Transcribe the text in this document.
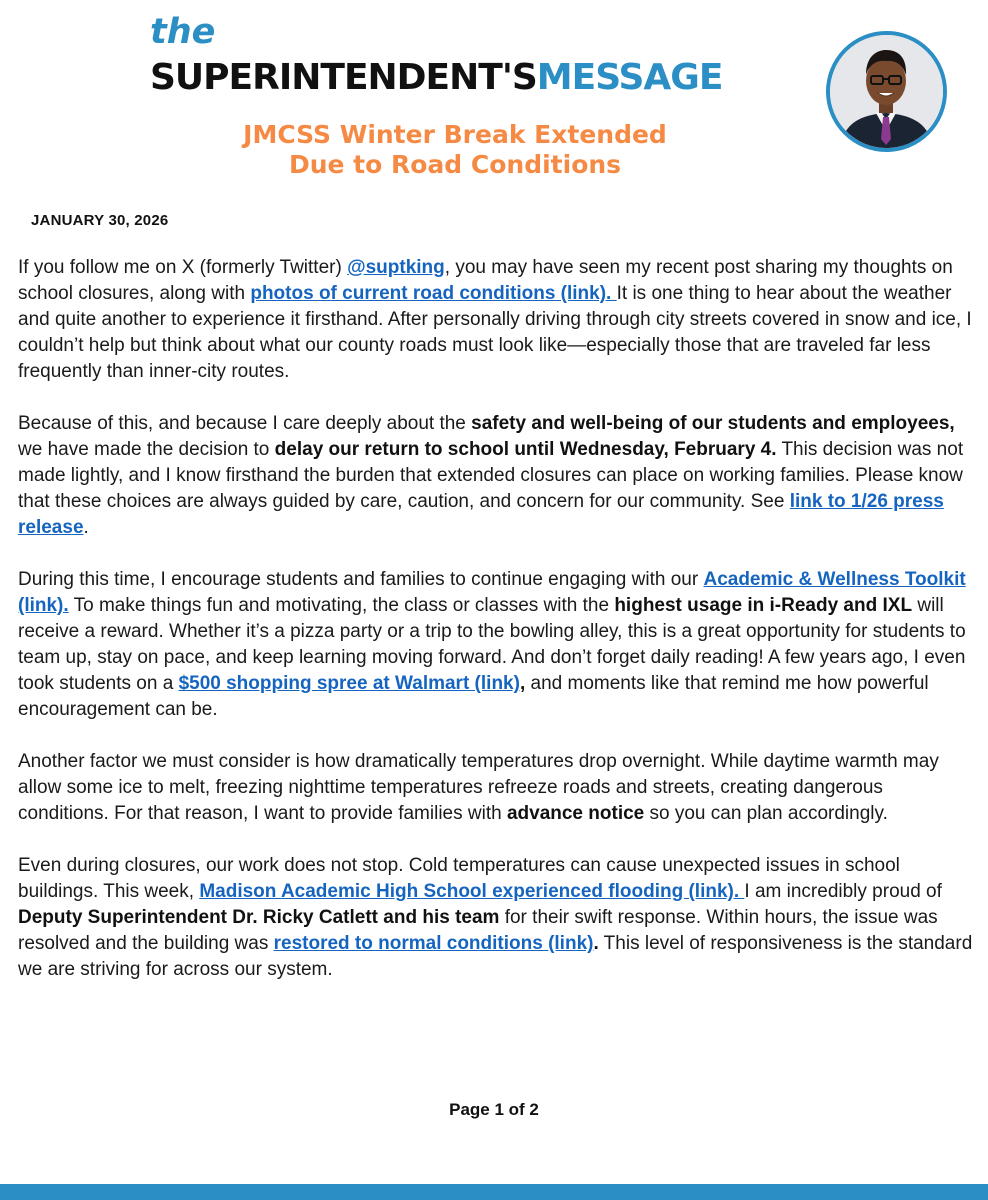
the
SUPERINTENDENT'SMESSAGE
JMCSS Winter Break Extended
Due to Road Conditions
JANUARY 30, 2026

If you follow me on X (formerly Twitter) @suptking, you may have seen my recent post sharing my thoughts on school closures, along with photos of current road conditions (link). It is one thing to hear about the weather and quite another to experience it firsthand. After personally driving through city streets covered in snow and ice, I couldn’t help but think about what our county roads must look like—especially those that are traveled far less frequently than inner-city routes.

Because of this, and because I care deeply about the safety and well-being of our students and employees, we have made the decision to delay our return to school until Wednesday, February 4. This decision was not made lightly, and I know firsthand the burden that extended closures can place on working families. Please know that these choices are always guided by care, caution, and concern for our community. See link to 1/26 press release.

During this time, I encourage students and families to continue engaging with our Academic & Wellness Toolkit (link). To make things fun and motivating, the class or classes with the highest usage in i-Ready and IXL will receive a reward. Whether it’s a pizza party or a trip to the bowling alley, this is a great opportunity for students to team up, stay on pace, and keep learning moving forward. And don’t forget daily reading! A few years ago, I even took students on a $500 shopping spree at Walmart (link), and moments like that remind me how powerful encouragement can be.

Another factor we must consider is how dramatically temperatures drop overnight. While daytime warmth may allow some ice to melt, freezing nighttime temperatures refreeze roads and streets, creating dangerous conditions. For that reason, I want to provide families with advance notice so you can plan accordingly.

Even during closures, our work does not stop. Cold temperatures can cause unexpected issues in school buildings. This week, Madison Academic High School experienced flooding (link). I am incredibly proud of Deputy Superintendent Dr. Ricky Catlett and his team for their swift response. Within hours, the issue was resolved and the building was restored to normal conditions (link). This level of responsiveness is the standard we are striving for across our system.

Page 1 of 2
